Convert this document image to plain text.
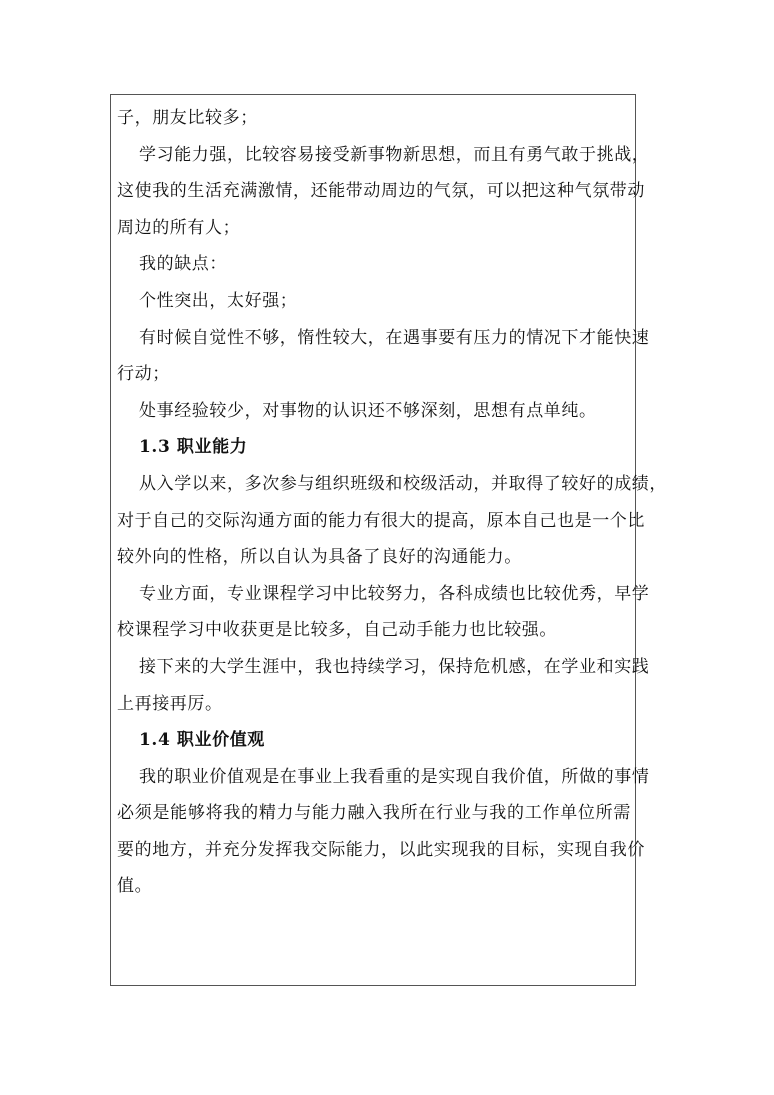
子，朋友比较多；
学习能力强，比较容易接受新事物新思想，而且有勇气敢于挑战，
这使我的生活充满激情，还能带动周边的气氛，可以把这种气氛带动
周边的所有人；
我的缺点：
个性突出，太好强；
有时候自觉性不够，惰性较大，在遇事要有压力的情况下才能快速
行动；
处事经验较少，对事物的认识还不够深刻，思想有点单纯。
1.3 职业能力
从入学以来，多次参与组织班级和校级活动，并取得了较好的成绩，
对于自己的交际沟通方面的能力有很大的提高，原本自己也是一个比
较外向的性格，所以自认为具备了良好的沟通能力。
专业方面，专业课程学习中比较努力，各科成绩也比较优秀，早学
校课程学习中收获更是比较多，自己动手能力也比较强。
接下来的大学生涯中，我也持续学习，保持危机感，在学业和实践
上再接再厉。
1.4 职业价值观
我的职业价值观是在事业上我看重的是实现自我价值，所做的事情
必须是能够将我的精力与能力融入我所在行业与我的工作单位所需
要的地方，并充分发挥我交际能力，以此实现我的目标，实现自我价
值。
